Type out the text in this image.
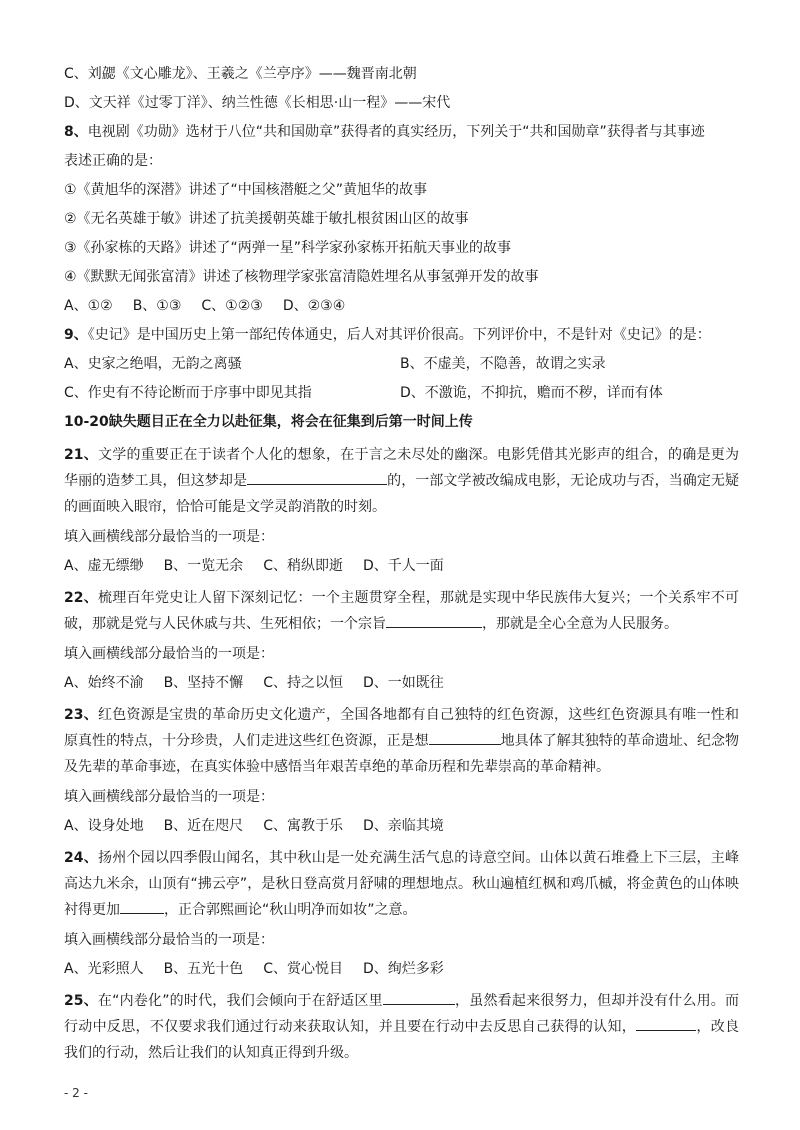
C、刘勰《文心雕龙》、王羲之《兰亭序》——魏晋南北朝
D、文天祥《过零丁洋》、纳兰性德《长相思·山一程》——宋代
8、电视剧《功勋》选材于八位“共和国勋章”获得者的真实经历，下列关于“共和国勋章”获得者与其事迹
表述正确的是：
①《黄旭华的深潜》讲述了“中国核潜艇之父”黄旭华的故事
②《无名英雄于敏》讲述了抗美援朝英雄于敏扎根贫困山区的故事
③《孙家栋的天路》讲述了“两弹一星”科学家孙家栋开拓航天事业的故事
④《默默无闻张富清》讲述了核物理学家张富清隐姓埋名从事氢弹开发的故事
A、①② B、①③ C、①②③ D、②③④
9、《史记》是中国历史上第一部纪传体通史，后人对其评价很高。下列评价中，不是针对《史记》的是：
A、史家之绝唱，无韵之离骚	B、不虚美，不隐善，故谓之实录
C、作史有不待论断而于序事中即见其指	D、不激诡，不抑抗，赡而不秽，详而有体
10-20缺失题目正在全力以赴征集，将会在征集到后第一时间上传
21、文学的重要正在于读者个人化的想象，在于言之未尽处的幽深。电影凭借其光影声的组合，的确是更为华丽的造梦工具，但这梦却是	的，一部文学被改编成电影，无论成功与否，当确定无疑的画面映入眼帘，恰恰可能是文学灵韵消散的时刻。
填入画横线部分最恰当的一项是：
A、虚无缥缈 B、一览无余 C、稍纵即逝 D、千人一面
22、梳理百年党史让人留下深刻记忆：一个主题贯穿全程，那就是实现中华民族伟大复兴；一个关系牢不可破，那就是党与人民休戚与共、生死相依；一个宗旨	，那就是全心全意为人民服务。
填入画横线部分最恰当的一项是：
A、始终不渝 B、坚持不懈 C、持之以恒 D、一如既往
23、红色资源是宝贵的革命历史文化遗产，全国各地都有自己独特的红色资源，这些红色资源具有唯一性和原真性的特点，十分珍贵，人们走进这些红色资源，正是想	地具体了解其独特的革命遗址、纪念物及先辈的革命事迹，在真实体验中感悟当年艰苦卓绝的革命历程和先辈崇高的革命精神。
填入画横线部分最恰当的一项是：
A、设身处地 B、近在咫尺 C、寓教于乐 D、亲临其境
24、扬州个园以四季假山闻名，其中秋山是一处充满生活气息的诗意空间。山体以黄石堆叠上下三层，主峰高达九米余，山顶有“拂云亭”，是秋日登高赏月舒啸的理想地点。秋山遍植红枫和鸡爪槭，将金黄色的山体映衬得更加	，正合郭熙画论“秋山明净而如妆”之意。
填入画横线部分最恰当的一项是：
A、光彩照人 B、五光十色 C、赏心悦目 D、绚烂多彩
25、在“内卷化”的时代，我们会倾向于在舒适区里	，虽然看起来很努力，但却并没有什么用。而行动中反思，不仅要求我们通过行动来获取认知，并且要在行动中去反思自己获得的认知，	，改良我们的行动，然后让我们的认知真正得到升级。
- 2 -
